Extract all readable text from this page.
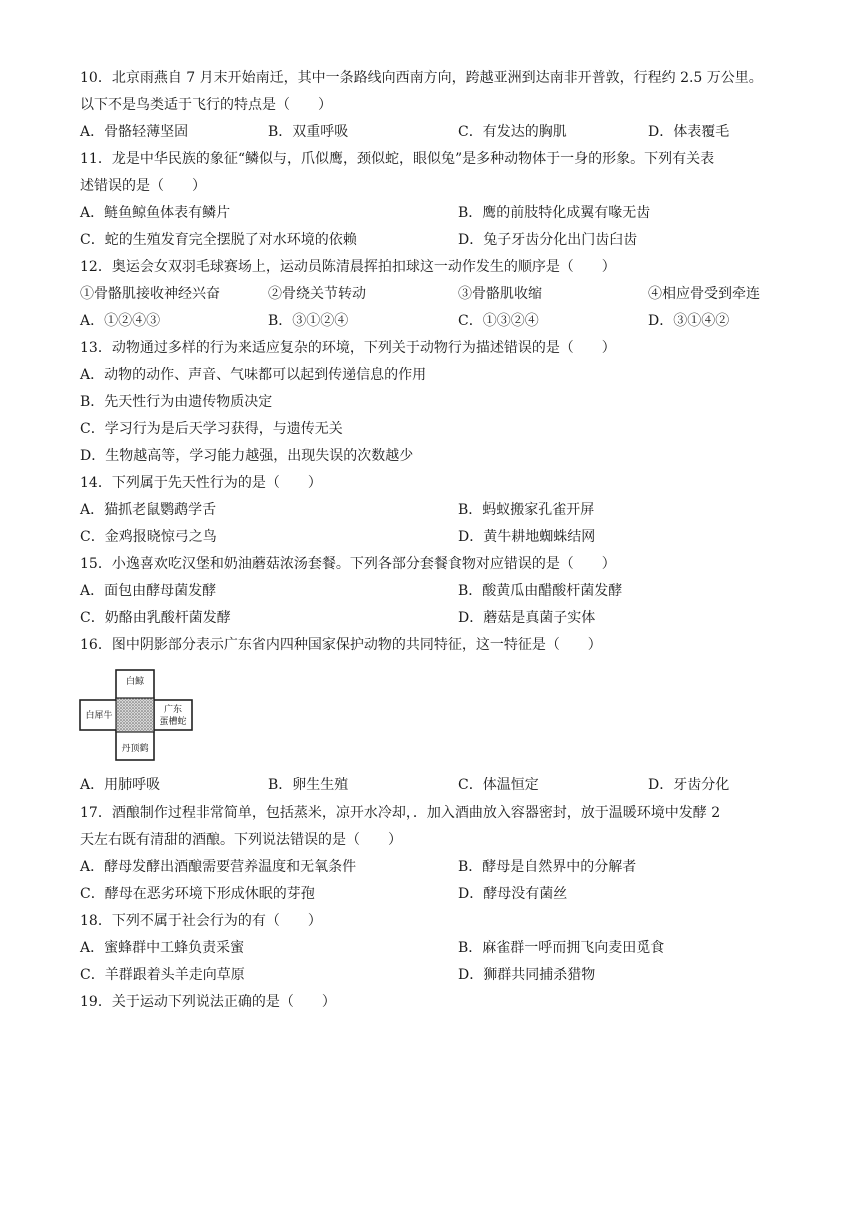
10．北京雨燕自 7 月末开始南迁，其中一条路线向西南方向，跨越亚洲到达南非开普敦，行程约 2.5 万公里。
以下不是鸟类适于飞行的特点是（　　）
A．骨骼轻薄坚固	B．双重呼吸	C．有发达的胸肌	D．体表覆毛
11．龙是中华民族的象征“鳞似与，爪似鹰，颈似蛇，眼似兔”是多种动物体于一身的形象。下列有关表
述错误的是（　　）
A．鲢鱼鲸鱼体表有鳞片	B．鹰的前肢特化成翼有喙无齿
C．蛇的生殖发育完全摆脱了对水环境的依赖	D．兔子牙齿分化出门齿臼齿
12．奥运会女双羽毛球赛场上，运动员陈清晨挥拍扣球这一动作发生的顺序是（　　）
①骨骼肌接收神经兴奋	②骨绕关节转动	③骨骼肌收缩	④相应骨受到牵连
A．①②④③	B．③①②④	C．①③②④	D．③①④②
13．动物通过多样的行为来适应复杂的环境，下列关于动物行为描述错误的是（　　）
A．动物的动作、声音、气味都可以起到传递信息的作用
B．先天性行为由遗传物质决定
C．学习行为是后天学习获得，与遗传无关
D．生物越高等，学习能力越强，出现失误的次数越少
14．下列属于先天性行为的是（　　）
A．猫抓老鼠鹦鹉学舌	B．蚂蚁搬家孔雀开屏
C．金鸡报晓惊弓之鸟	D．黄牛耕地蜘蛛结网
15．小逸喜欢吃汉堡和奶油蘑菇浓汤套餐。下列各部分套餐食物对应错误的是（　　）
A．面包由酵母菌发酵	B．酸黄瓜由醋酸杆菌发酵
C．奶酪由乳酸杆菌发酵	D．蘑菇是真菌子实体
16．图中阴影部分表示广东省内四种国家保护动物的共同特征，这一特征是（　　）
白鲸
白犀牛
广东
蛋槽蛇
丹顶鹤
A．用肺呼吸	B．卵生生殖	C．体温恒定	D．牙齿分化
17．酒酿制作过程非常简单，包括蒸米，凉开水冷却，．加入酒曲放入容器密封，放于温暖环境中发酵 2
天左右既有清甜的酒酿。下列说法错误的是（　　）
A．酵母发酵出酒酿需要营养温度和无氧条件	B．酵母是自然界中的分解者
C．酵母在恶劣环境下形成休眠的芽孢	D．酵母没有菌丝
18．下列不属于社会行为的有（　　）
A．蜜蜂群中工蜂负责采蜜	B．麻雀群一呼而拥飞向麦田觅食
C．羊群跟着头羊走向草原	D．狮群共同捕杀猎物
19．关于运动下列说法正确的是（　　）
